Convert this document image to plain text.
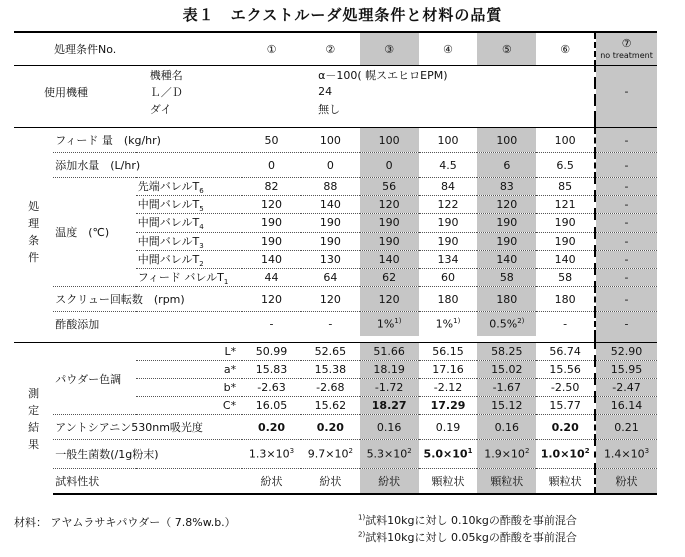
表１　エクストルーダ処理条件と材料の品質
処理条件No.			①	②	③	④	⑤	⑥	⑦
no treatment
使用機種		機種名	α－100( 幌スエヒロEPM)						-
		Ｌ／Ｄ	24						
		ダイ	無し						

処理条件	フィード 量　(kg/hr)		50	100	100	100	100	100	-
	添加水量　(L/hr)		0	0	0	4.5	6	6.5	-
	温度　(℃)	先端バレル$T_6$	82	88	56	84	83	85	-
		中間バレル$T_5$	120	140	120	122	120	121	-
		中間バレル$T_4$	190	190	190	190	190	190	-
		中間バレル$T_3$	190	190	190	190	190	190	-
		中間バレル$T_2$	140	130	140	134	140	140	-
		フィード バレル$T_1$	44	64	62	60	58	58	-
	スクリュー回転数　(rpm)		120	120	120	180	180	180	-
	酢酸添加		-	-	1%$^{1)}$	1%$^{1)}$	0.5%$^{2)}$	-	-

測定結果	パウダー色調	L*	50.99	52.65	51.66	56.15	58.25	56.74	52.90
		a*	15.83	15.38	18.19	17.16	15.02	15.56	15.95
		b*	-2.63	-2.68	-1.72	-2.12	-1.67	-2.50	-2.47
		C*	16.05	15.62	18.27	17.29	15.12	15.77	16.14
	アントシアニン530nm吸光度		0.20	0.20	0.16	0.19	0.16	0.20	0.21
	一般生菌数(/1g粉末)		$1.3\times 10^3$	$9.7\times 10^2$	$5.3\times 10^2$	$5.0\times 10^1$	$1.9\times 10^2$	$1.0\times 10^2$	$1.4\times 10^3$
	試料性状		紛状	紛状	紛状	顆粒状	顆粒状	顆粒状	粉状
材料： アヤムラサキパウダー（ 7.8%w.b.）	$^{1)}$試料10kgに対し 0.10kgの酢酸を事前混合
$^{2)}$試料10kgに対し 0.05kgの酢酸を事前混合
